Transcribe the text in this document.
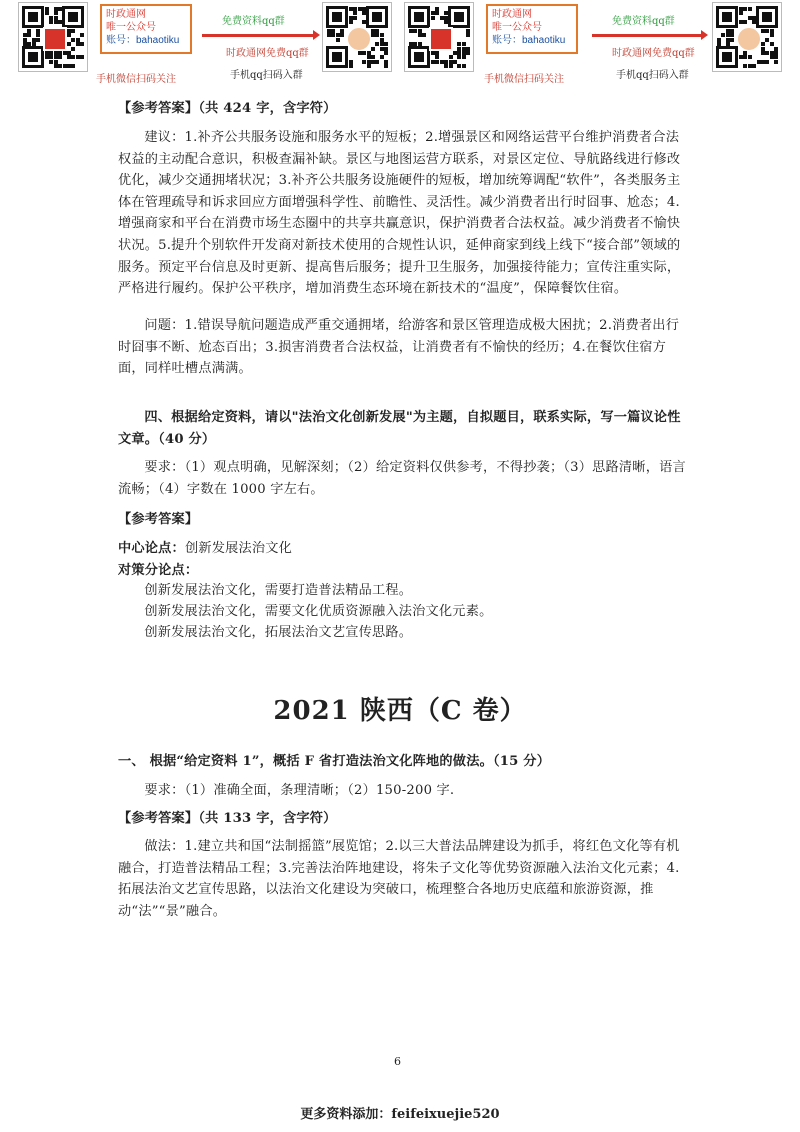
时政通网
唯一公众号
账号：bahaotiku
手机微信扫码关注
免费资料qq群
时政通网免费qq群
手机qq扫码入群
时政通网
唯一公众号
账号：bahaotiku
手机微信扫码关注
免费资料qq群
时政通网免费qq群
手机qq扫码入群
【参考答案】（共 424 字，含字符）
建议：1.补齐公共服务设施和服务水平的短板；2.增强景区和网络运营平台维护消费者合法权益的主动配合意识，积极查漏补缺。景区与地图运营方联系，对景区定位、导航路线进行修改优化，减少交通拥堵状况；3.补齐公共服务设施硬件的短板，增加统筹调配“软件”，各类服务主体在管理疏导和诉求回应方面增强科学性、前瞻性、灵活性。减少消费者出行时囧事、尬态；4.增强商家和平台在消费市场生态圈中的共享共赢意识，保护消费者合法权益。减少消费者不愉快状况。5.提升个别软件开发商对新技术使用的合规性认识，延伸商家到线上线下“接合部”领域的服务。预定平台信息及时更新、提高售后服务；提升卫生服务，加强接待能力；宣传注重实际，严格进行履约。保护公平秩序，增加消费生态环境在新技术的“温度”，保障餐饮住宿。
问题：1.错误导航问题造成严重交通拥堵，给游客和景区管理造成极大困扰；2.消费者出行时囧事不断、尬态百出；3.损害消费者合法权益，让消费者有不愉快的经历；4.在餐饮住宿方面，同样吐槽点满满。
四、根据给定资料，请以"法治文化创新发展"为主题，自拟题目，联系实际，写一篇议论性文章。（40 分）
要求：（1）观点明确，见解深刻；（2）给定资料仅供参考，不得抄袭；（3）思路清晰，语言流畅；（4）字数在 1000 字左右。
【参考答案】
中心论点：创新发展法治文化
对策分论点：
创新发展法治文化，需要打造普法精品工程。
创新发展法治文化，需要文化优质资源融入法治文化元素。
创新发展法治文化，拓展法治文艺宣传思路。
2021 陕西（C 卷）
一、 根据“给定资料 1”，概括 F 省打造法治文化阵地的做法。（15 分）
要求：（1）准确全面，条理清晰；（2）150-200 字.
【参考答案】（共 133 字，含字符）
做法：1.建立共和国“法制摇篮”展览馆；2.以三大普法品牌建设为抓手，将红色文化等有机融合，打造普法精品工程；3.完善法治阵地建设，将朱子文化等优势资源融入法治文化元素；4. 拓展法治文艺宣传思路，以法治文化建设为突破口，梳理整合各地历史底蕴和旅游资源，推动“法”“景”融合。
6
更多资料添加：feifeixuejie520
